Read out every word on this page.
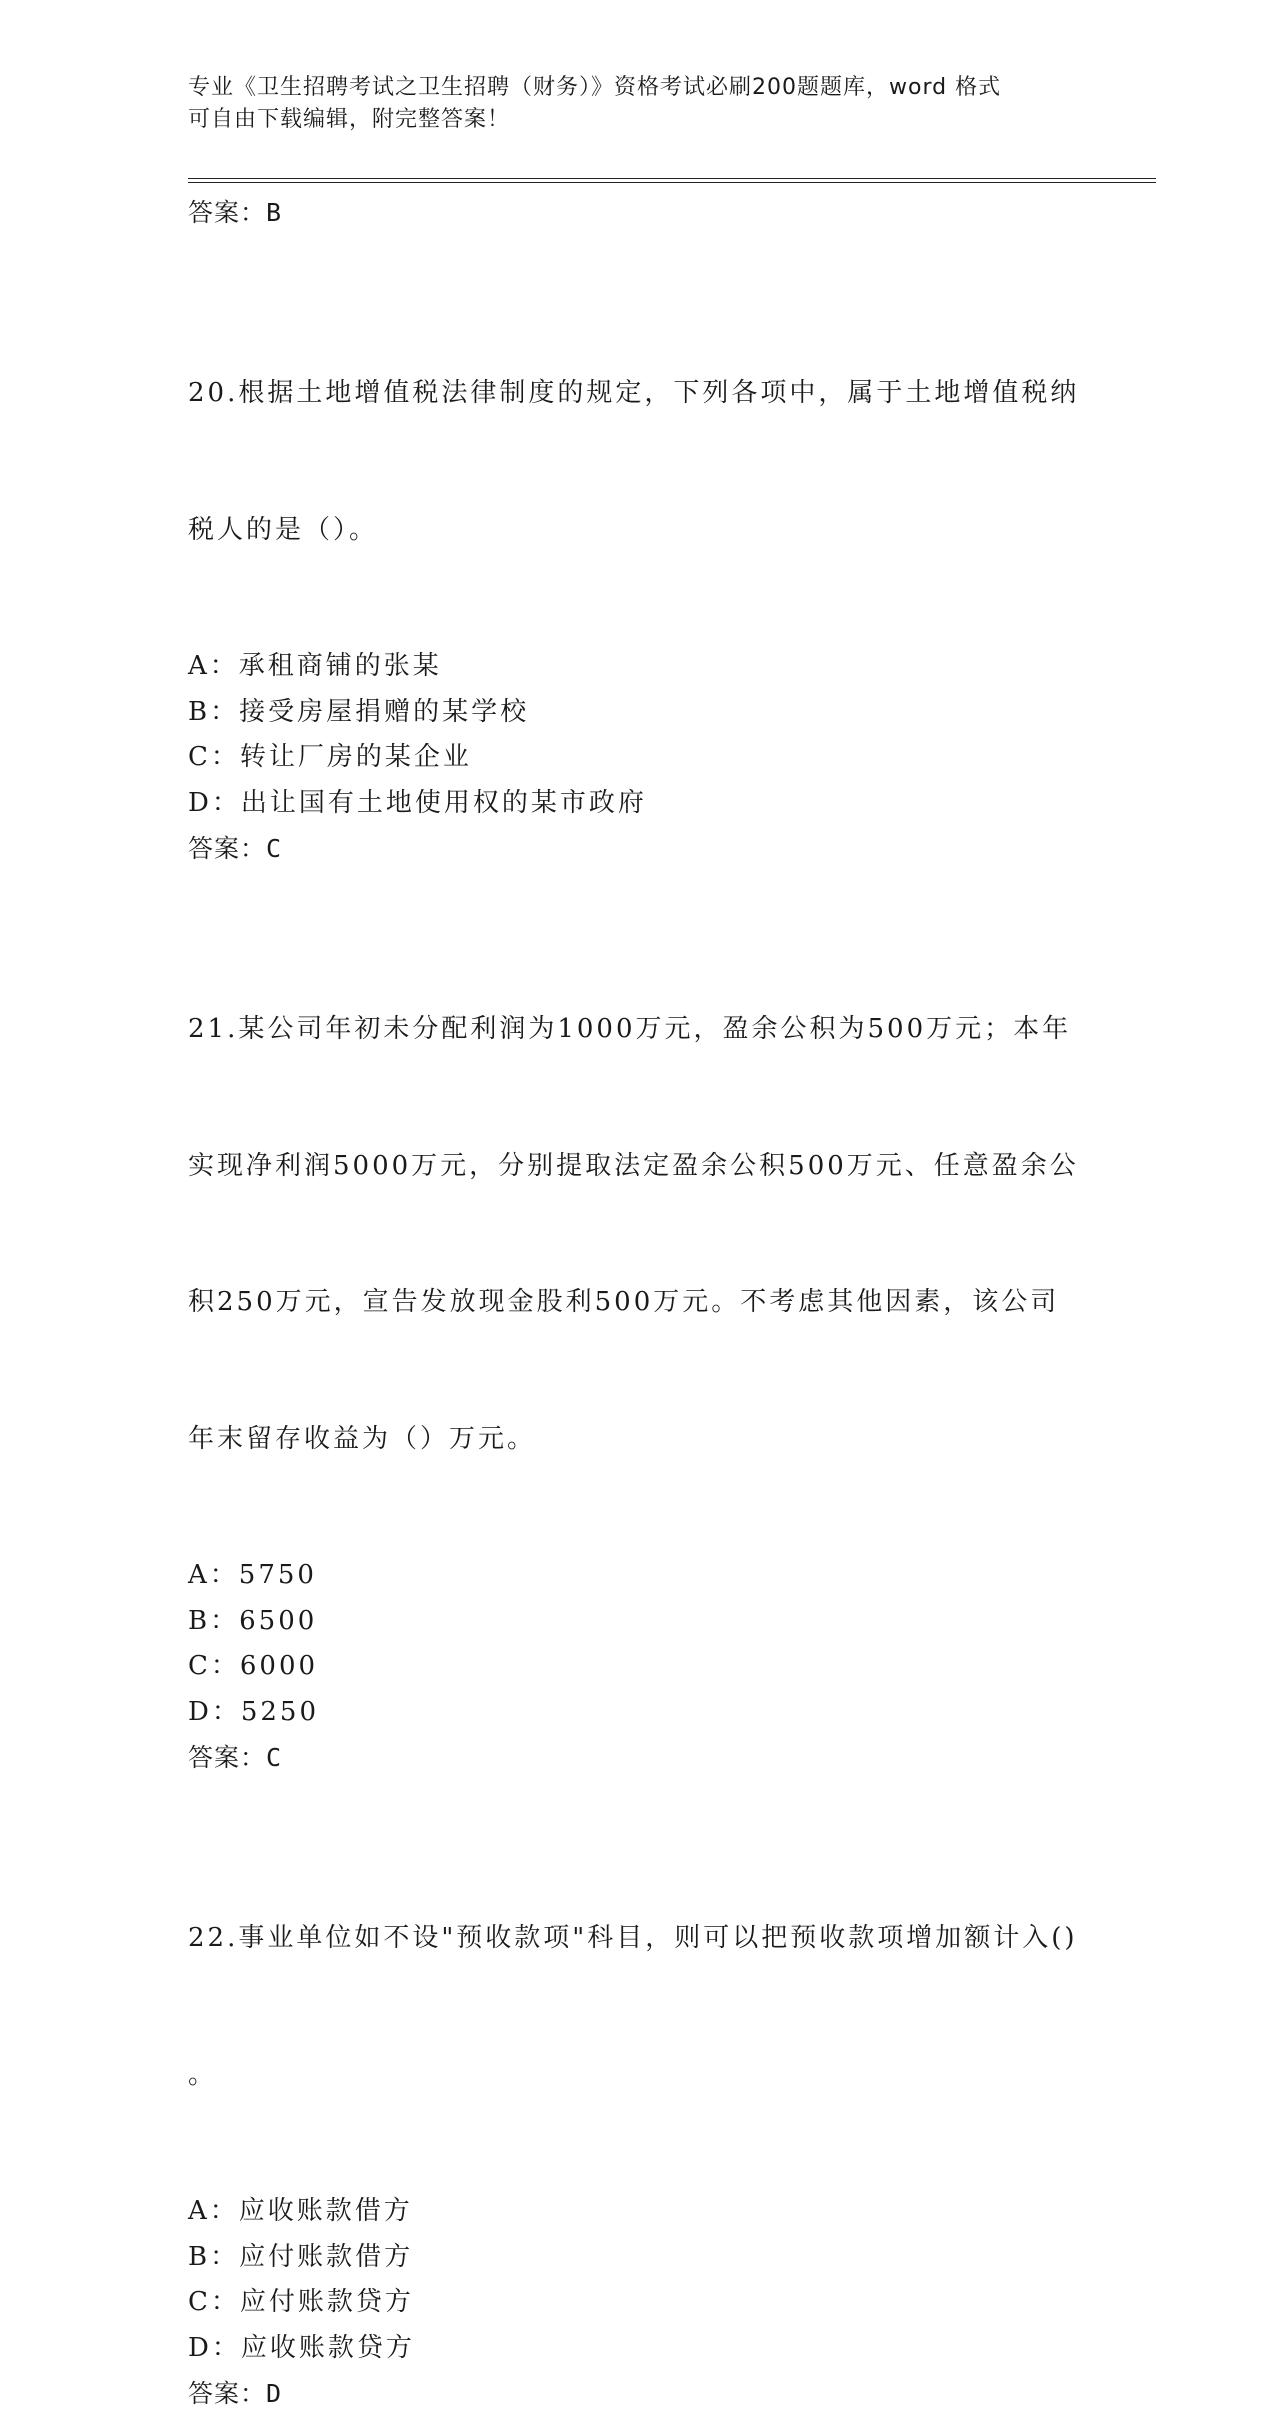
专业《卫生招聘考试之卫生招聘（财务）》资格考试必刷200题题库，word 格式
可自由下载编辑，附完整答案！
答案：B

20.根据土地增值税法律制度的规定，下列各项中，属于土地增值税纳

税人的是（）。

A：承租商铺的张某
B：接受房屋捐赠的某学校
C：转让厂房的某企业
D：出让国有土地使用权的某市政府
答案：C

21.某公司年初未分配利润为1000万元，盈余公积为500万元；本年

实现净利润5000万元，分别提取法定盈余公积500万元、任意盈余公

积250万元，宣告发放现金股利500万元。不考虑其他因素，该公司

年末留存收益为（）万元。

A：5750
B：6500
C：6000
D：5250
答案：C

22.事业单位如不设"预收款项"科目，则可以把预收款项增加额计入()

。

A：应收账款借方
B：应付账款借方
C：应付账款贷方
D：应收账款贷方
答案：D
